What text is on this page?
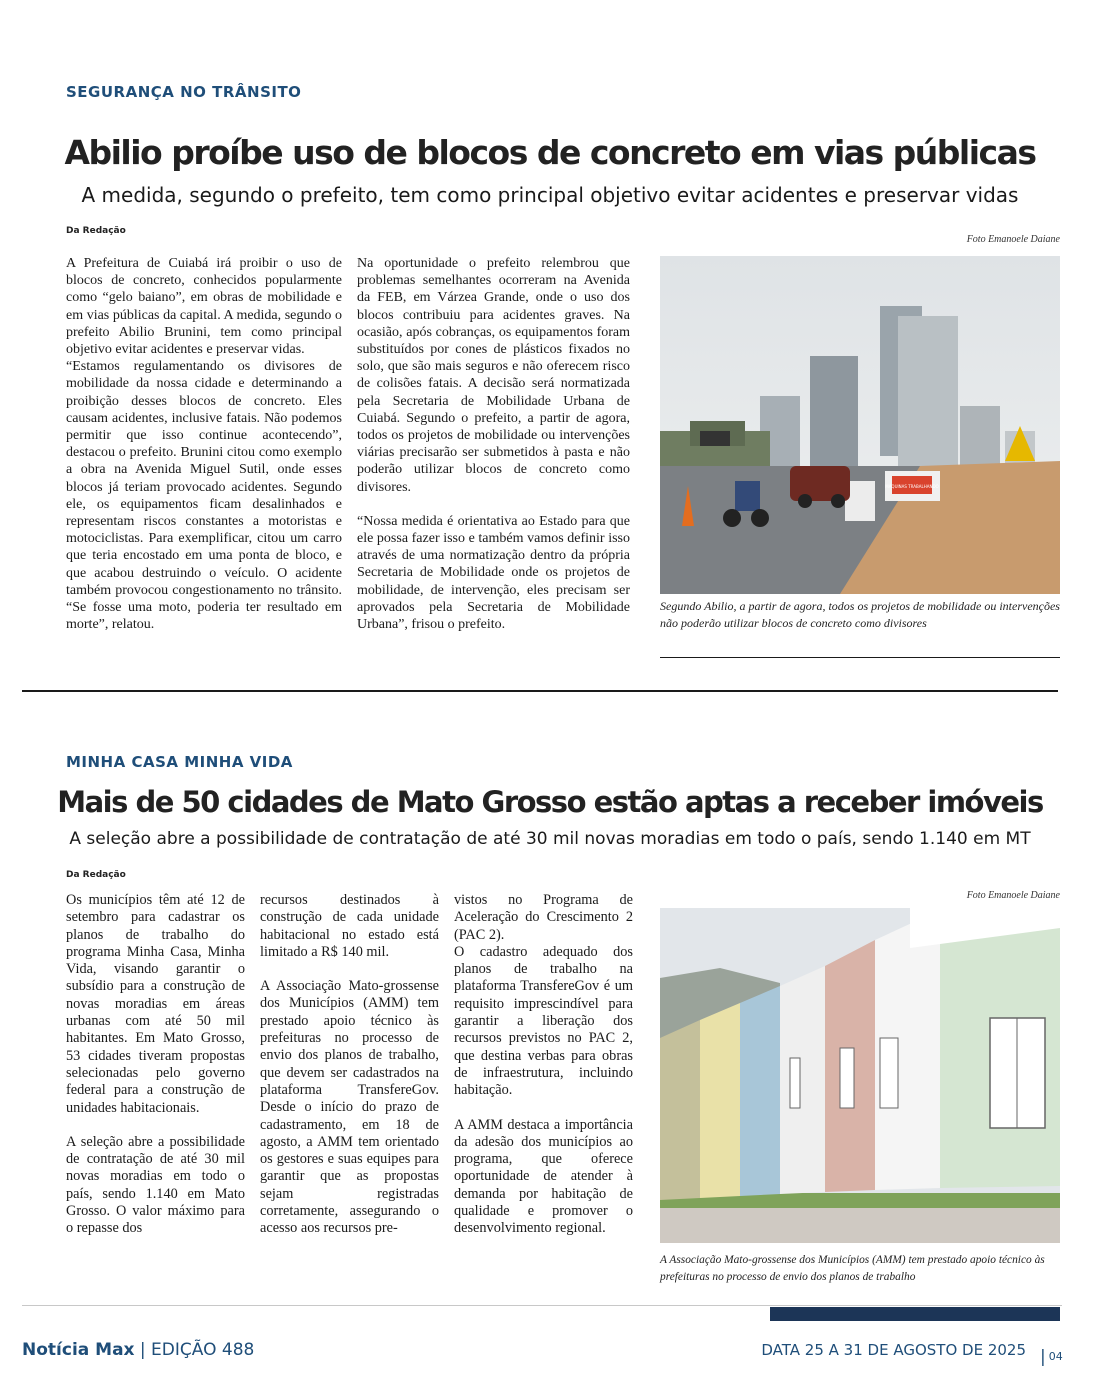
SEGURANÇA NO TRÂNSITO
Abilio proíbe uso de blocos de concreto em vias públicas
A medida, segundo o prefeito, tem como principal objetivo evitar acidentes e preservar vidas
Da Redação
Foto Emanoele Daiane

A Prefeitura de Cuiabá irá proibir o uso de blocos de concreto, conhecidos popularmente como “gelo baiano”, em obras de mobilidade e em vias públicas da capital. A medida, segundo o prefeito Abilio Brunini, tem como principal objetivo evitar acidentes e preservar vidas.

“Estamos regulamentando os divisores de mobilidade da nossa cidade e determinando a proibição desses blocos de concreto. Eles causam acidentes, inclusive fatais. Não podemos permitir que isso continue acontecendo”, destacou o prefeito. Brunini citou como exemplo a obra na Avenida Miguel Sutil, onde esses blocos já teriam provocado acidentes. Segundo ele, os equipamentos ficam desalinhados e representam riscos constantes a motoristas e motociclistas. Para exemplificar, citou um carro que teria encostado em uma ponta de bloco, e que acabou destruindo o veículo. O acidente também provocou congestionamento no trânsito. “Se fosse uma moto, poderia ter resultado em morte”, relatou.

Na oportunidade o prefeito relembrou que problemas semelhantes ocorreram na Avenida da FEB, em Várzea Grande, onde o uso dos blocos contribuiu para acidentes graves. Na ocasião, após cobranças, os equipamentos foram substituídos por cones de plásticos fixados no solo, que são mais seguros e não oferecem risco de colisões fatais. A decisão será normatizada pela Secretaria de Mobilidade Urbana de Cuiabá. Segundo o prefeito, a partir de agora, todos os projetos de mobilidade ou intervenções viárias precisarão ser submetidos à pasta e não poderão utilizar blocos de concreto como divisores.

“Nossa medida é orientativa ao Estado para que ele possa fazer isso e também vamos definir isso através de uma normatização dentro da própria Secretaria de Mobilidade onde os projetos de mobilidade, de intervenção, eles precisam ser aprovados pela Secretaria de Mobilidade Urbana”, frisou o prefeito.

MÁQUINAS TRABALHANDO
Segundo Abilio, a partir de agora, todos os projetos de mobilidade ou intervenções não poderão utilizar blocos de concreto como divisores
MINHA CASA MINHA VIDA
Mais de 50 cidades de Mato Grosso estão aptas a receber imóveis
A seleção abre a possibilidade de contratação de até 30 mil novas moradias em todo o país, sendo 1.140 em MT
Da Redação
Foto Emanoele Daiane

Os municípios têm até 12 de setembro para cadastrar os planos de trabalho do programa Minha Casa, Minha Vida, visando garantir o subsídio para a construção de novas moradias em áreas urbanas com até 50 mil habitantes. Em Mato Grosso, 53 cidades tiveram propostas selecionadas pelo governo federal para a construção de unidades habitacionais.

A seleção abre a possibilidade de contratação de até 30 mil novas moradias em todo o país, sendo 1.140 em Mato Grosso. O valor máximo para o repasse dos

recursos destinados à construção de cada unidade habitacional no estado está limitado a R$ 140 mil.

A Associação Mato-grossense dos Municípios (AMM) tem prestado apoio técnico às prefeituras no processo de envio dos planos de trabalho, que devem ser cadastrados na plataforma TransfereGov. Desde o início do prazo de cadastramento, em 18 de agosto, a AMM tem orientado os gestores e suas equipes para garantir que as propostas sejam registradas corretamente, assegurando o acesso aos recursos pre-

vistos no Programa de Aceleração do Crescimento 2 (PAC 2).

O cadastro adequado dos planos de trabalho na plataforma TransfereGov é um requisito imprescindível para garantir a liberação dos recursos previstos no PAC 2, que destina verbas para obras de infraestrutura, incluindo habitação.

A AMM destaca a importância da adesão dos municípios ao programa, que oferece oportunidade de atender à demanda por habitação de qualidade e promover o desenvolvimento regional.

A Associação Mato-grossense dos Municípios (AMM) tem prestado apoio técnico às prefeituras no processo de envio dos planos de trabalho
Notícia Max | EDIÇÃO 488	DATA 25 A 31 DE AGOSTO DE 2025
|	04
